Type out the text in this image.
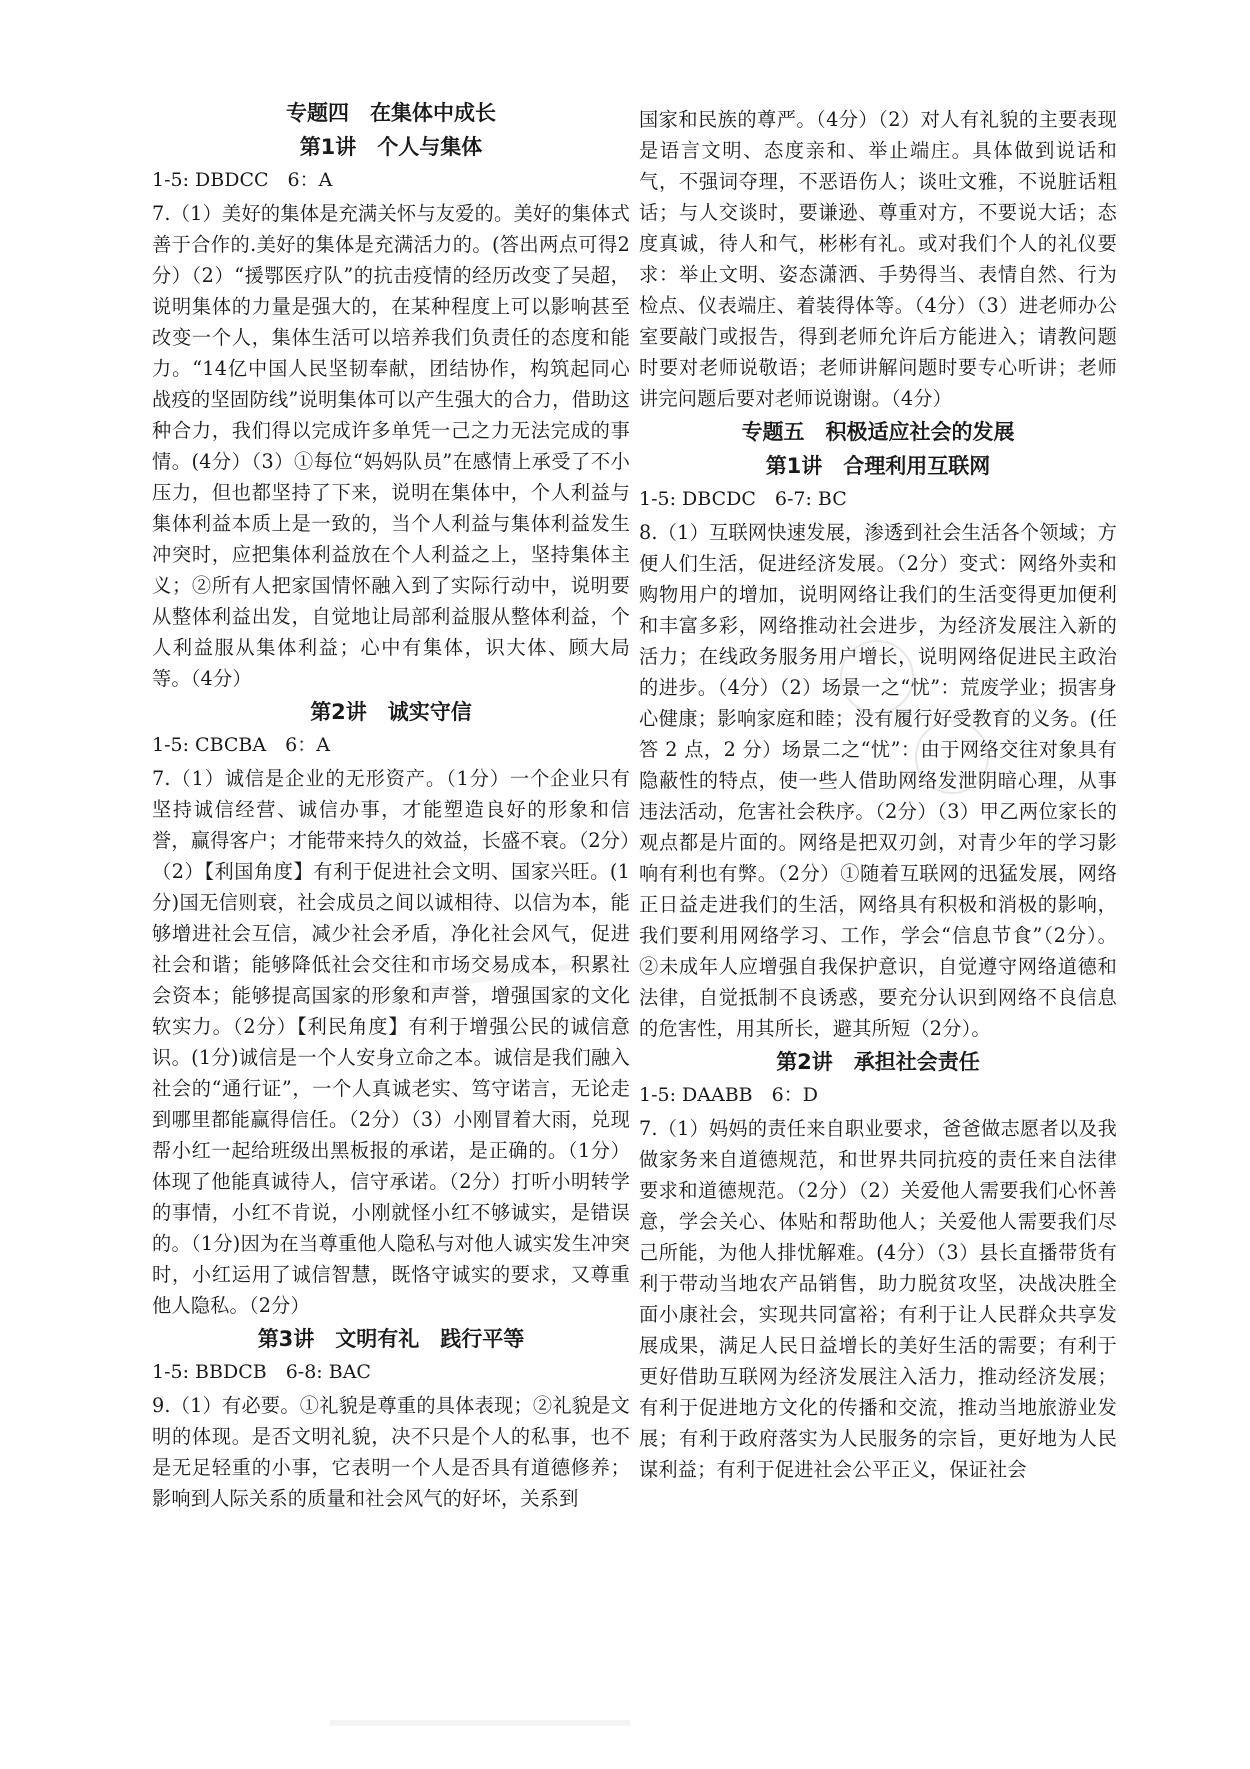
专题四　在集体中成长
第1讲　个人与集体
1-5: DBDCC　6：A
7.（1）美好的集体是充满关怀与友爱的。美好的集体式善于合作的.美好的集体是充满活力的。(答出两点可得2分）（2）“援鄂医疗队”的抗击疫情的经历改变了吴超，说明集体的力量是强大的，在某种程度上可以影响甚至改变一个人，集体生活可以培养我们负责任的态度和能力。“14亿中国人民坚韧奉献，团结协作，构筑起同心战疫的坚固防线”说明集体可以产生强大的合力，借助这种合力，我们得以完成许多单凭一己之力无法完成的事情。(4分）（3）①每位“妈妈队员”在感情上承受了不小压力，但也都坚持了下来，说明在集体中，个人利益与集体利益本质上是一致的，当个人利益与集体利益发生冲突时，应把集体利益放在个人利益之上，坚持集体主义；②所有人把家国情怀融入到了实际行动中，说明要从整体利益出发，自觉地让局部利益服从整体利益，个人利益服从集体利益；心中有集体，识大体、顾大局等。（4分）
第2讲　诚实守信
1-5: CBCBA　6：A
7.（1）诚信是企业的无形资产。（1分）一个企业只有坚持诚信经营、诚信办事，才能塑造良好的形象和信誉，赢得客户；才能带来持久的效益，长盛不衰。（2分）（2）【利国角度】有利于促进社会文明、国家兴旺。(1分)国无信则衰，社会成员之间以诚相待、以信为本，能够增进社会互信，减少社会矛盾，净化社会风气，促进社会和谐；能够降低社会交往和市场交易成本，积累社会资本；能够提高国家的形象和声誉，增强国家的文化软实力。（2分）【利民角度】有利于增强公民的诚信意识。(1分)诚信是一个人安身立命之本。诚信是我们融入社会的“通行证”，一个人真诚老实、笃守诺言，无论走到哪里都能赢得信任。（2分）（3）小刚冒着大雨，兑现帮小红一起给班级出黑板报的承诺，是正确的。（1分）体现了他能真诚待人，信守承诺。（2分）打听小明转学的事情，小红不肯说，小刚就怪小红不够诚实，是错误的。（1分)因为在当尊重他人隐私与对他人诚实发生冲突时，小红运用了诚信智慧，既恪守诚实的要求，又尊重他人隐私。（2分）
第3讲　文明有礼　践行平等
1-5: BBDCB　6-8: BAC
9.（1）有必要。①礼貌是尊重的具体表现；②礼貌是文明的体现。是否文明礼貌，决不只是个人的私事，也不是无足轻重的小事，它表明一个人是否具有道德修养；影响到人际关系的质量和社会风气的好坏，关系到
国家和民族的尊严。（4分）（2）对人有礼貌的主要表现是语言文明、态度亲和、举止端庄。具体做到说话和气，不强词夺理，不恶语伤人；谈吐文雅，不说脏话粗话；与人交谈时，要谦逊、尊重对方，不要说大话；态度真诚，待人和气，彬彬有礼。或对我们个人的礼仪要求：举止文明、姿态潇洒、手势得当、表情自然、行为检点、仪表端庄、着装得体等。（4分）（3）进老师办公室要敲门或报告，得到老师允许后方能进入；请教问题时要对老师说敬语；老师讲解问题时要专心听讲；老师讲完问题后要对老师说谢谢。（4分）
专题五　积极适应社会的发展
第1讲　合理利用互联网
1-5: DBCDC　6-7: BC
8.（1）互联网快速发展，渗透到社会生活各个领域；方便人们生活，促进经济发展。（2分）变式：网络外卖和购物用户的增加，说明网络让我们的生活变得更加便利和丰富多彩，网络推动社会进步，为经济发展注入新的活力；在线政务服务用户增长，说明网络促进民主政治的进步。（4分）（2）场景一之“忧”：荒废学业；损害身心健康；影响家庭和睦；没有履行好受教育的义务。(任答 2 点，2 分）场景二之“忧”：由于网络交往对象具有隐蔽性的特点，使一些人借助网络发泄阴暗心理，从事违法活动，危害社会秩序。（2分）（3）甲乙两位家长的观点都是片面的。网络是把双刃剑，对青少年的学习影响有利也有弊。（2分）①随着互联网的迅猛发展，网络正日益走进我们的生活，网络具有积极和消极的影响，我们要利用网络学习、工作，学会“信息节食”（2分）。②未成年人应增强自我保护意识，自觉遵守网络道德和法律，自觉抵制不良诱惑，要充分认识到网络不良信息的危害性，用其所长，避其所短（2分）。
第2讲　承担社会责任
1-5: DAABB　6：D
7.（1）妈妈的责任来自职业要求，爸爸做志愿者以及我做家务来自道德规范，和世界共同抗疫的责任来自法律要求和道德规范。（2分）（2）关爱他人需要我们心怀善意，学会关心、体贴和帮助他人；关爱他人需要我们尽己所能，为他人排忧解难。(4分）（3）县长直播带货有利于带动当地农产品销售，助力脱贫攻坚，决战决胜全面小康社会，实现共同富裕；有利于让人民群众共享发展成果，满足人民日益增长的美好生活的需要；有利于更好借助互联网为经济发展注入活力，推动经济发展；有利于促进地方文化的传播和交流，推动当地旅游业发展；有利于政府落实为人民服务的宗旨，更好地为人民谋利益；有利于促进社会公平正义，保证社会
